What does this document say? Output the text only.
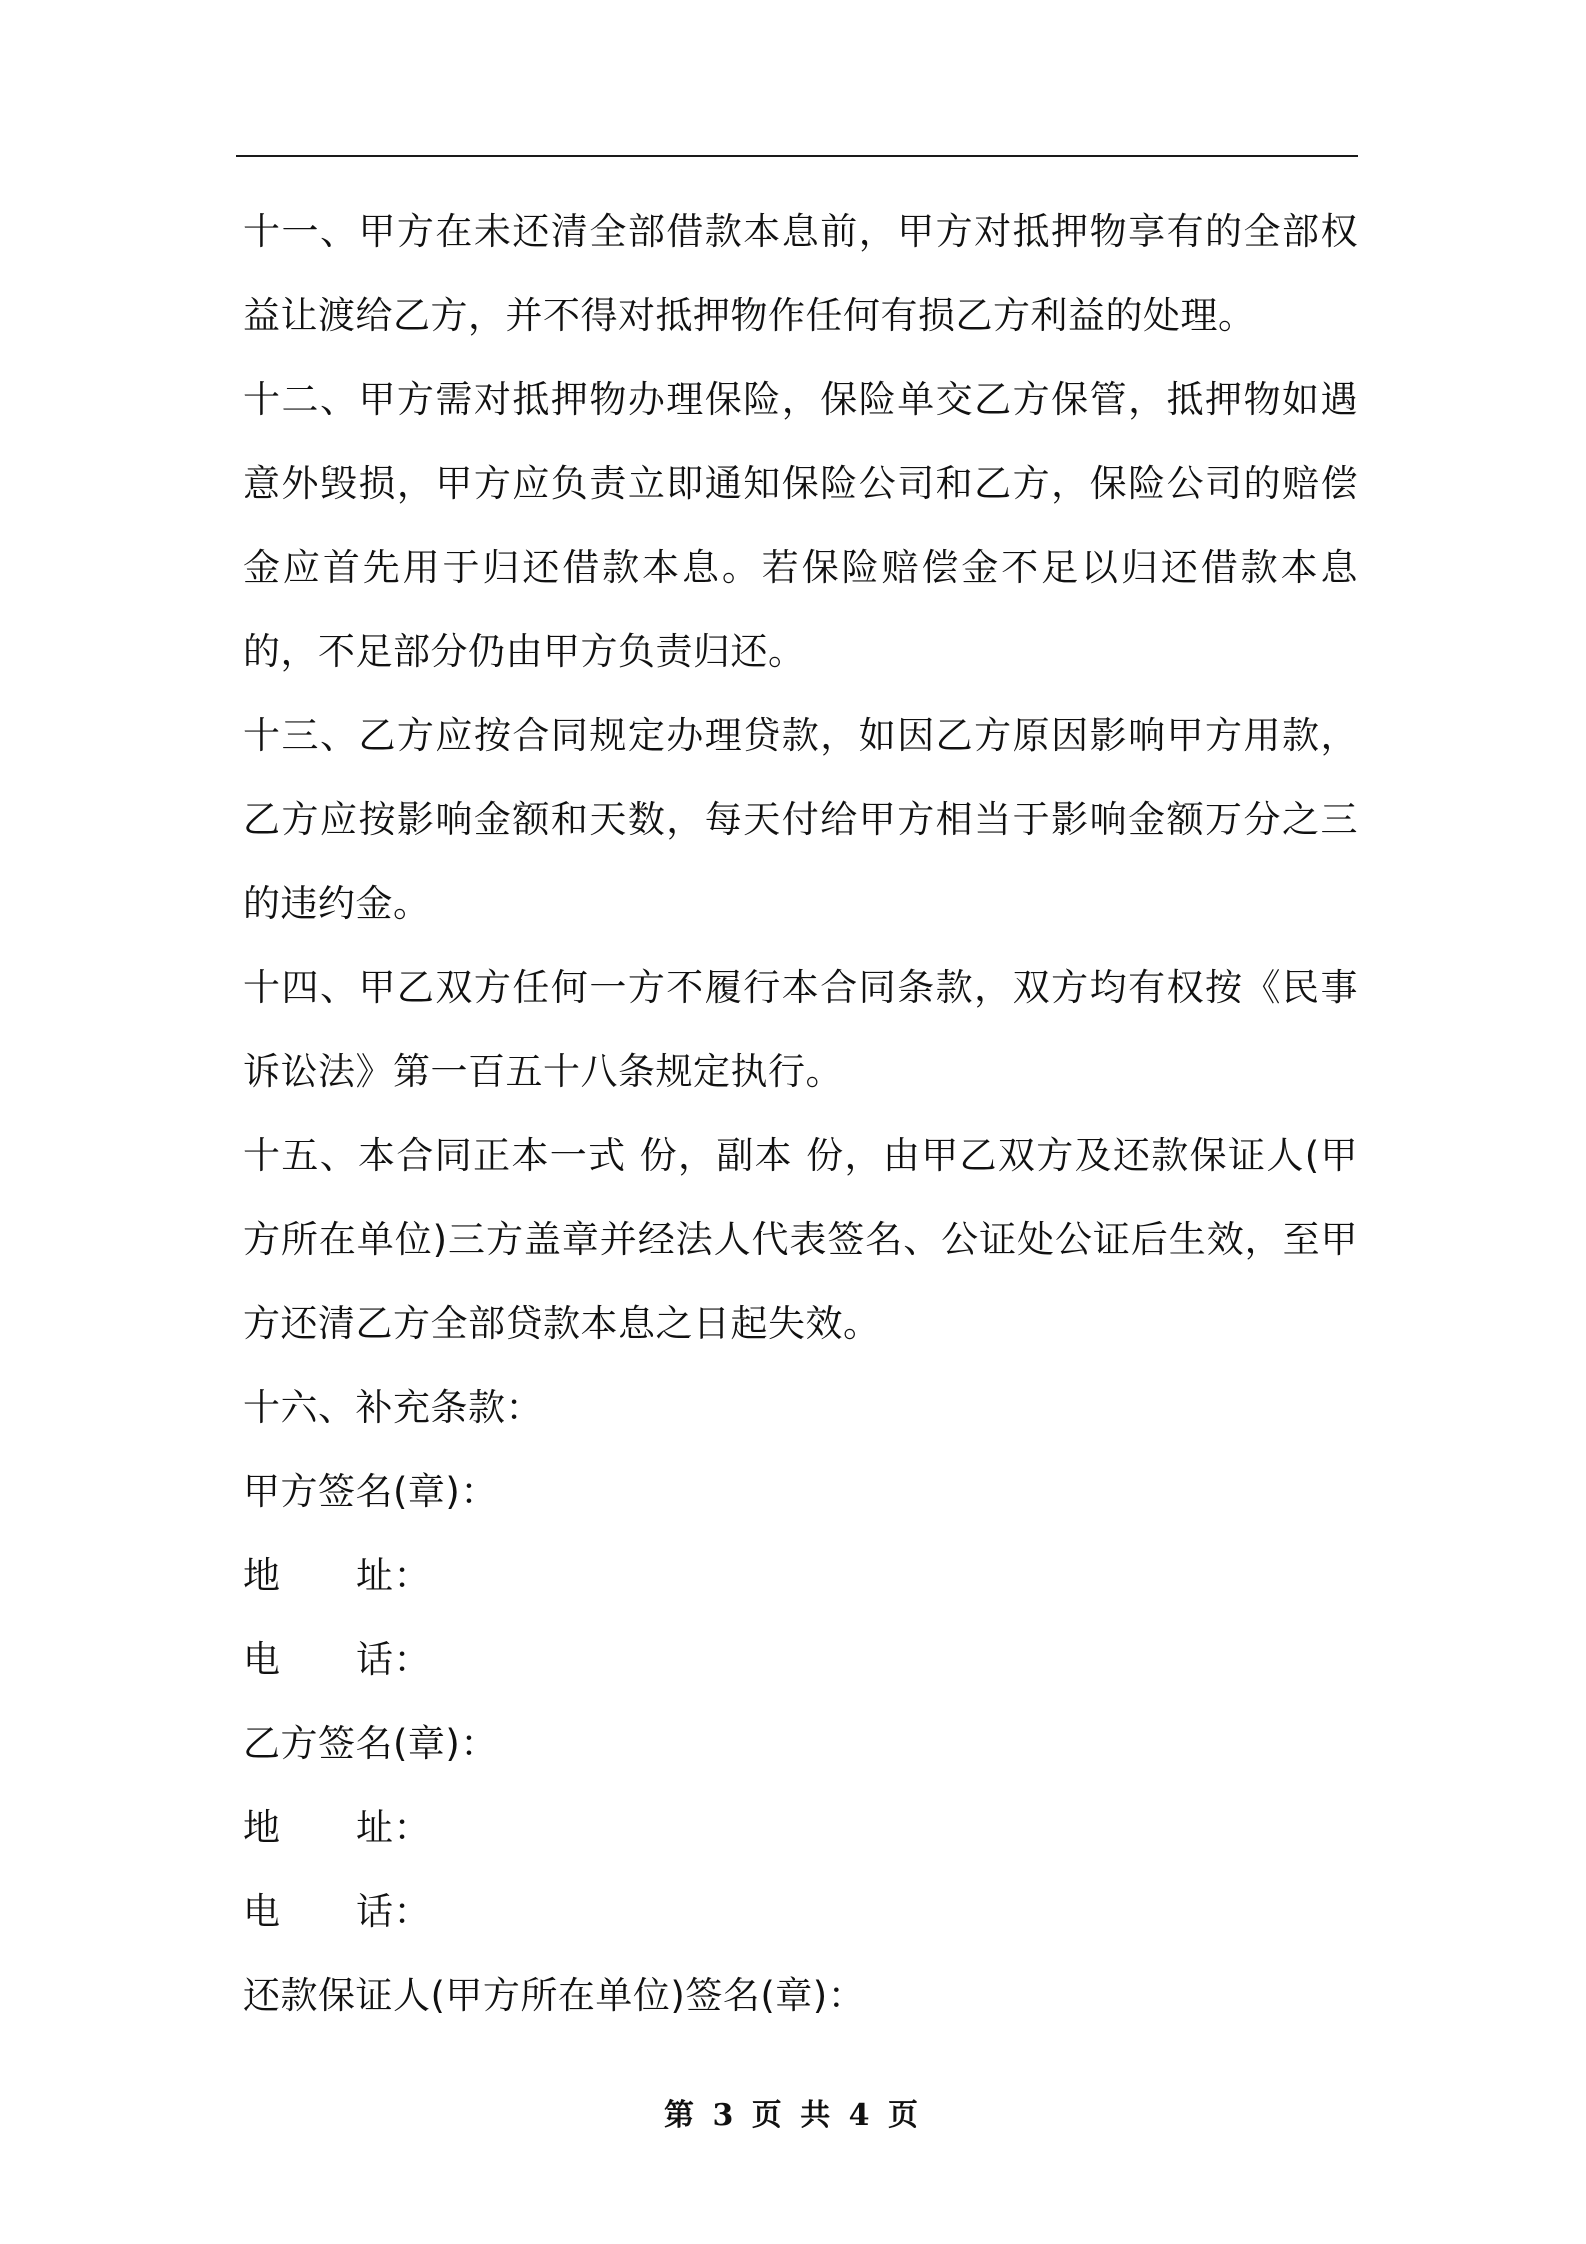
十一、甲方在未还清全部借款本息前，甲方对抵押物享有的全部权益让渡给乙方，并不得对抵押物作任何有损乙方利益的处理。

十二、甲方需对抵押物办理保险，保险单交乙方保管，抵押物如遇意外毁损，甲方应负责立即通知保险公司和乙方，保险公司的赔偿金应首先用于归还借款本息。若保险赔偿金不足以归还借款本息的，不足部分仍由甲方负责归还。

十三、乙方应按合同规定办理贷款，如因乙方原因影响甲方用款，乙方应按影响金额和天数，每天付给甲方相当于影响金额万分之三的违约金。

十四、甲乙双方任何一方不履行本合同条款，双方均有权按《民事诉讼法》第一百五十八条规定执行。

十五、本合同正本一式 份，副本 份，由甲乙双方及还款保证人(甲方所在单位)三方盖章并经法人代表签名、公证处公证后生效，至甲方还清乙方全部贷款本息之日起失效。

十六、补充条款：

甲方签名(章)：

地	址：

电	话：

乙方签名(章)：

地	址：

电	话：

还款保证人(甲方所在单位)签名(章)：

第 3 页 共 4 页
